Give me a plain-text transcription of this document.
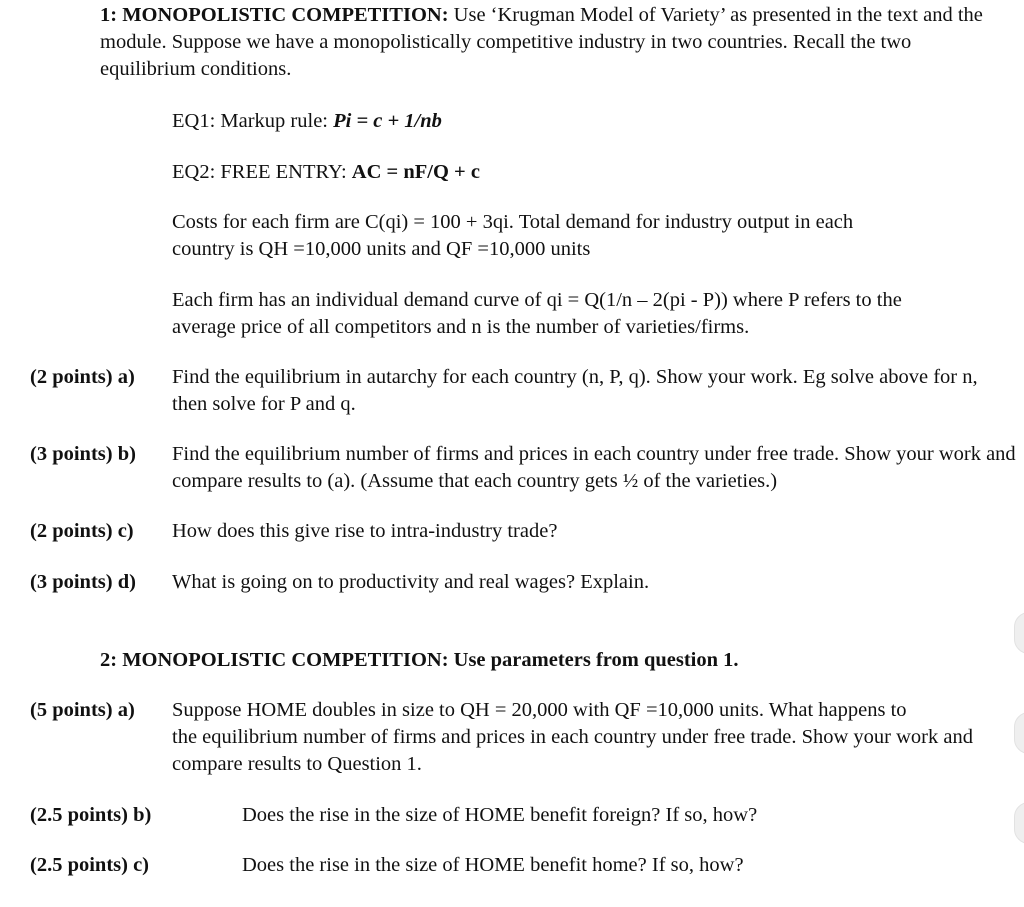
1: MONOPOLISTIC COMPETITION: Use ‘Krugman Model of Variety’ as presented in the text and the module. Suppose we have a monopolistically competitive industry in two countries. Recall the two equilibrium conditions.
EQ1: Markup rule: Pi = c + 1/nb
EQ2: FREE ENTRY: AC = nF/Q + c
Costs for each firm are C(qi) = 100 + 3qi. Total demand for industry output in each
country is QH =10,000 units and QF =10,000 units
Each firm has an individual demand curve of qi = Q(1/n – 2(pi - P)) where P refers to the
average price of all competitors and n is the number of varieties/firms.
(2 points) a) Find the equilibrium in autarchy for each country (n, P, q). Show your work. Eg solve above for n, then solve for P and q.
(3 points) b) Find the equilibrium number of firms and prices in each country under free trade. Show your work and compare results to (a). (Assume that each country gets ½ of the varieties.)
(2 points) c) How does this give rise to intra-industry trade?
(3 points) d) What is going on to productivity and real wages? Explain.
2: MONOPOLISTIC COMPETITION: Use parameters from question 1.
(5 points) a) Suppose HOME doubles in size to QH = 20,000 with QF =10,000 units. What happens to
the equilibrium number of firms and prices in each country under free trade. Show your work and compare results to Question 1.
(2.5 points) b)	Does the rise in the size of HOME benefit foreign? If so, how?
(2.5 points) c)	Does the rise in the size of HOME benefit home? If so, how?
